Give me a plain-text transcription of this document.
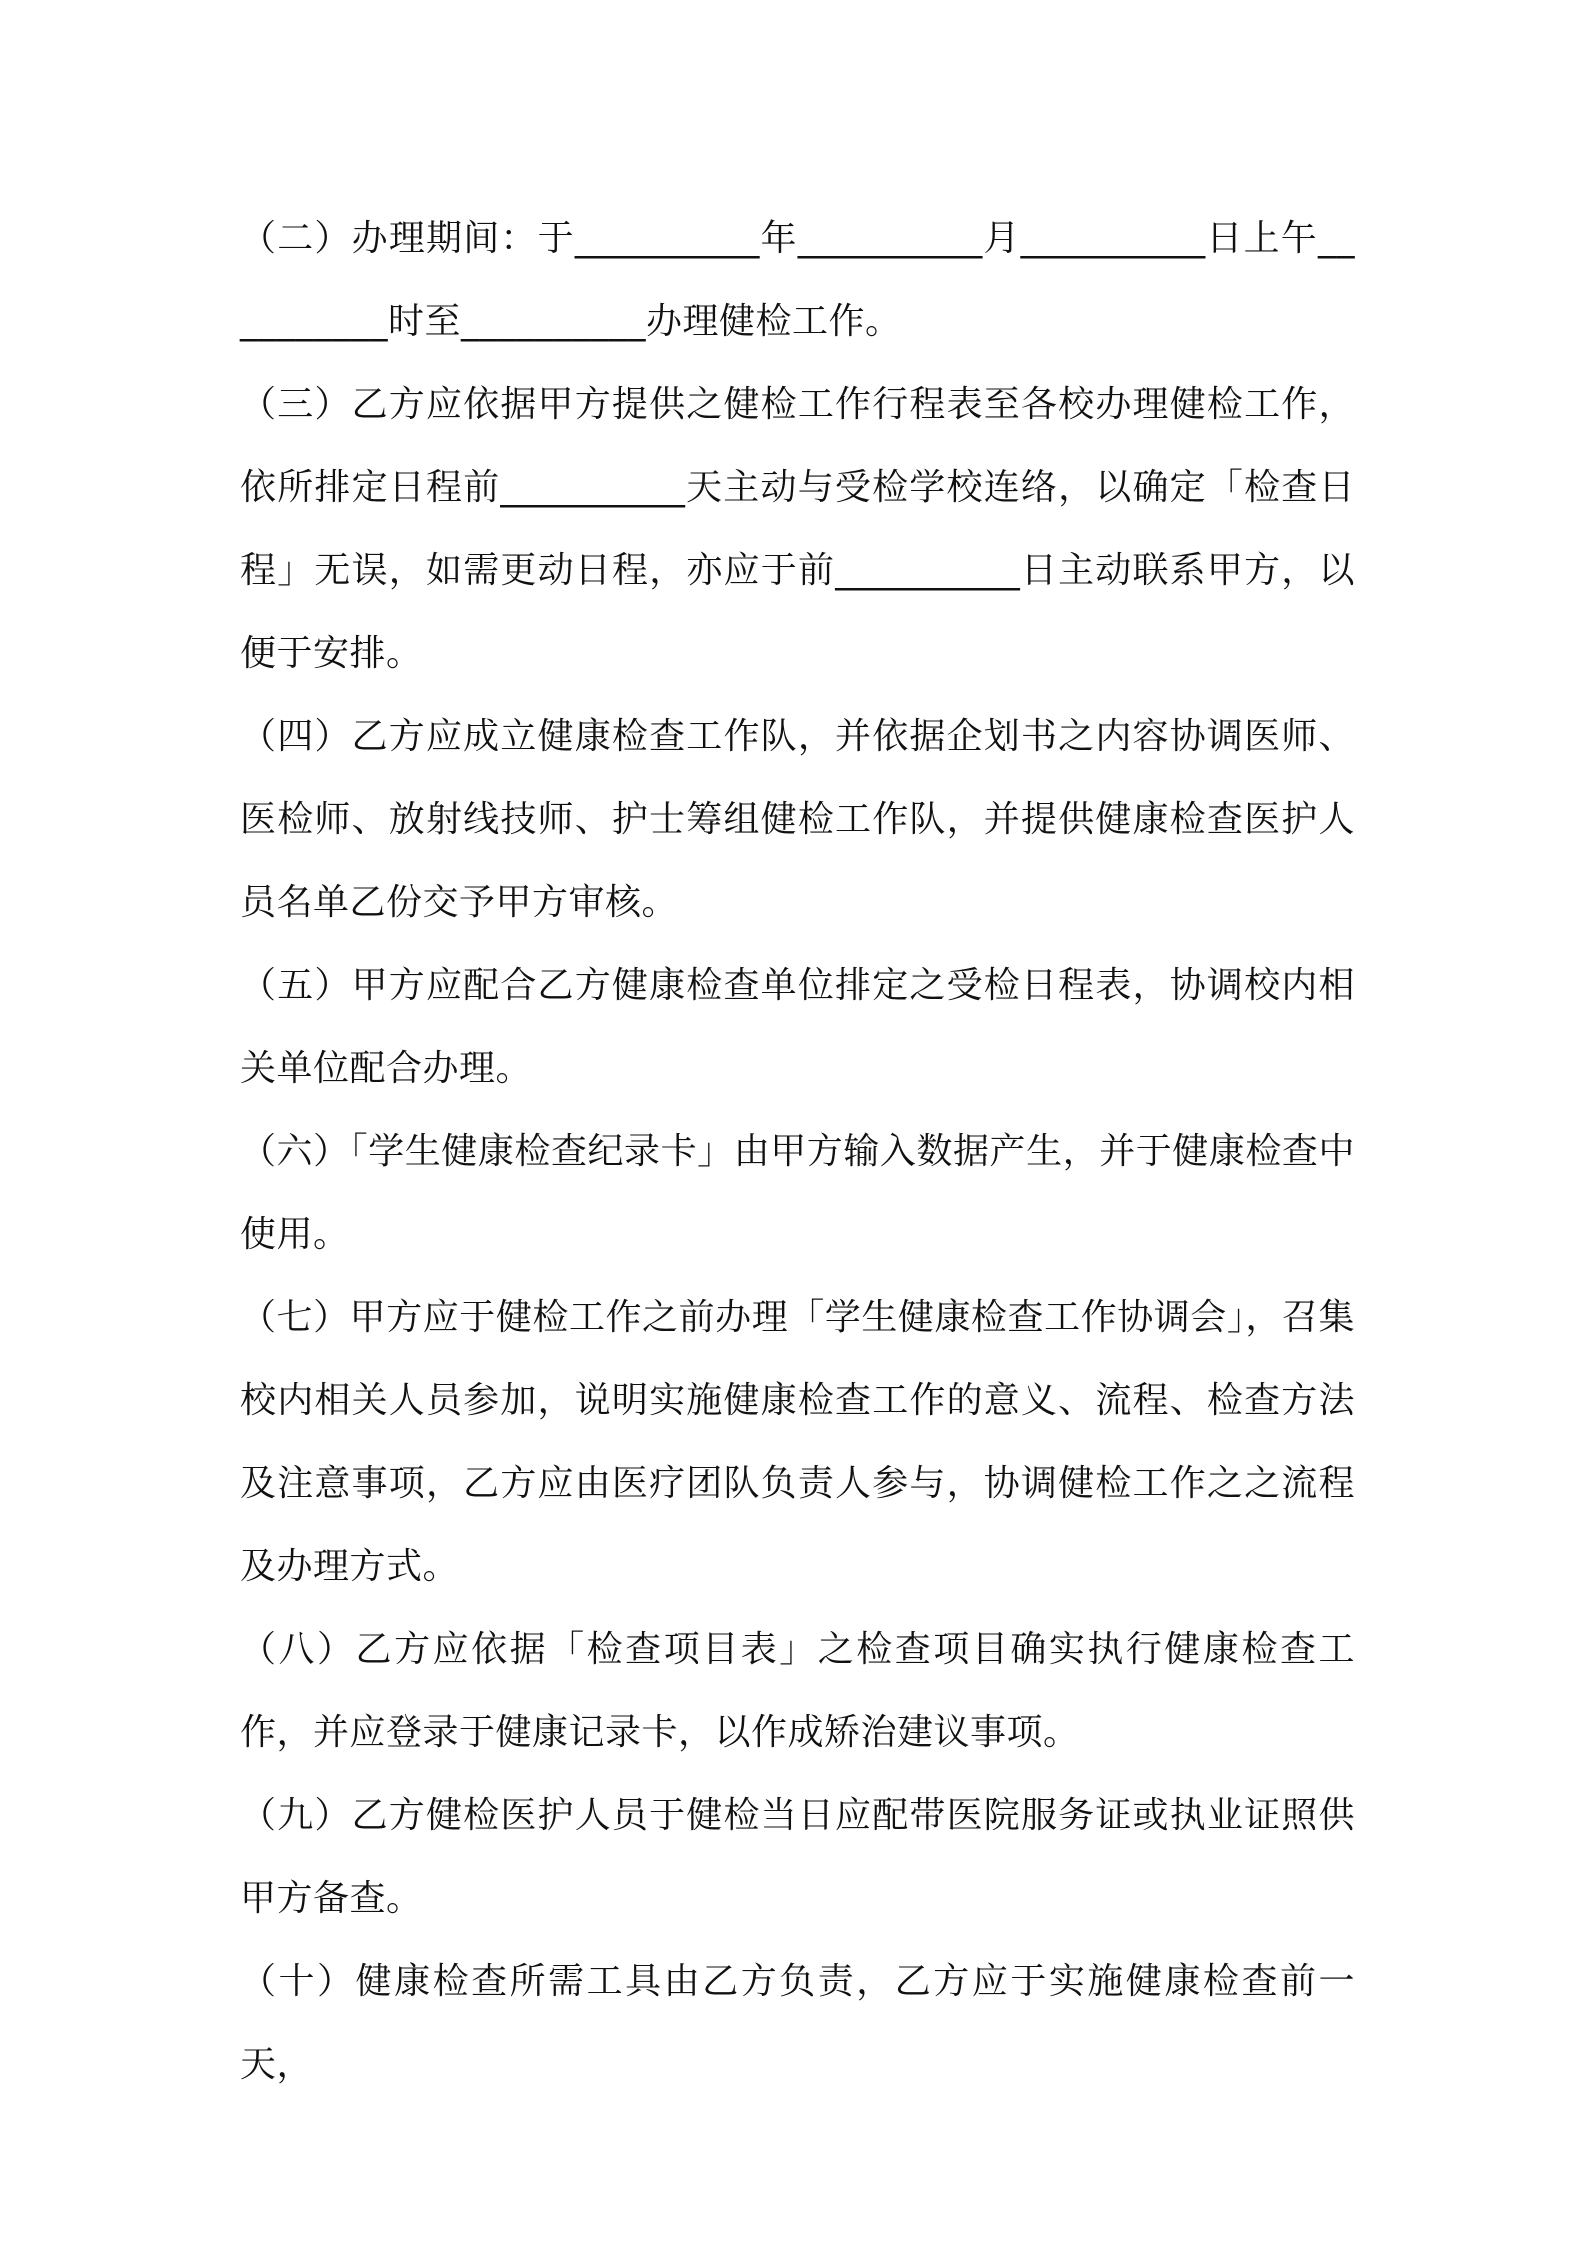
（二）办理期间：于__________年__________月__________日上午__________时至__________办理健检工作。

（三）乙方应依据甲方提供之健检工作行程表至各校办理健检工作，依所排定日程前__________天主动与受检学校连络，以确定「检查日程」无误，如需更动日程，亦应于前__________日主动联系甲方，以便于安排。

（四）乙方应成立健康检查工作队，并依据企划书之内容协调医师、医检师、放射线技师、护士筹组健检工作队，并提供健康检查医护人员名单乙份交予甲方审核。

（五）甲方应配合乙方健康检查单位排定之受检日程表，协调校内相关单位配合办理。

（六）「学生健康检查纪录卡」由甲方输入数据产生，并于健康检查中使用。

（七）甲方应于健检工作之前办理「学生健康检查工作协调会」，召集校内相关人员参加，说明实施健康检查工作的意义、流程、检查方法及注意事项，乙方应由医疗团队负责人参与，协调健检工作之之流程及办理方式。

（八）乙方应依据「检查项目表」之检查项目确实执行健康检查工作，并应登录于健康记录卡，以作成矫治建议事项。

（九）乙方健检医护人员于健检当日应配带医院服务证或执业证照供甲方备查。

（十）健康检查所需工具由乙方负责，乙方应于实施健康检查前一天，
